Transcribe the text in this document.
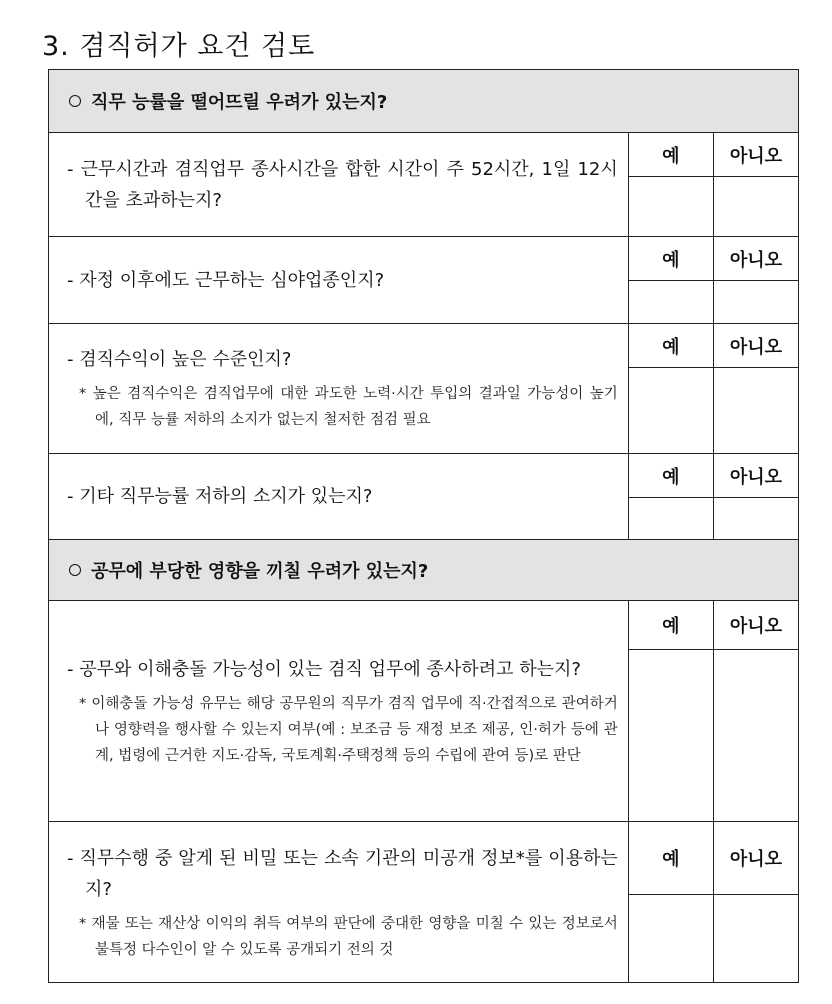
3. 겸직허가 요건 검토
직무 능률을 떨어뜨릴 우려가 있는지?		

- 근무시간과 겸직업무 종사시간을 합한 시간이 주 52시간, 1일 12시간을 초과하는지?	예	아니오

- 자정 이후에도 근무하는 심야업종인지?	예	아니오

- 겸직수익이 높은 수준인지?
* 높은 겸직수익은 겸직업무에 대한 과도한 노력·시간 투입의 결과일 가능성이 높기에, 직무 능률 저하의 소지가 없는지 철저한 점검 필요	예	아니오

- 기타 직무능률 저하의 소지가 있는지?	예	아니오

공무에 부당한 영향을 끼칠 우려가 있는지?		

- 공무와 이해충돌 가능성이 있는 겸직 업무에 종사하려고 하는지?
* 이해충돌 가능성 유무는 해당 공무원의 직무가 겸직 업무에 직·간접적으로 관여하거나 영향력을 행사할 수 있는지 여부(예 : 보조금 등 재정 보조 제공, 인·허가 등에 관계, 법령에 근거한 지도·감독, 국토계획·주택정책 등의 수립에 관여 등)로 판단	예	아니오

- 직무수행 중 알게 된 비밀 또는 소속 기관의 미공개 정보*를 이용하는지?
* 재물 또는 재산상 이익의 취득 여부의 판단에 중대한 영향을 미칠 수 있는 정보로서 불특정 다수인이 알 수 있도록 공개되기 전의 것	예	아니오
